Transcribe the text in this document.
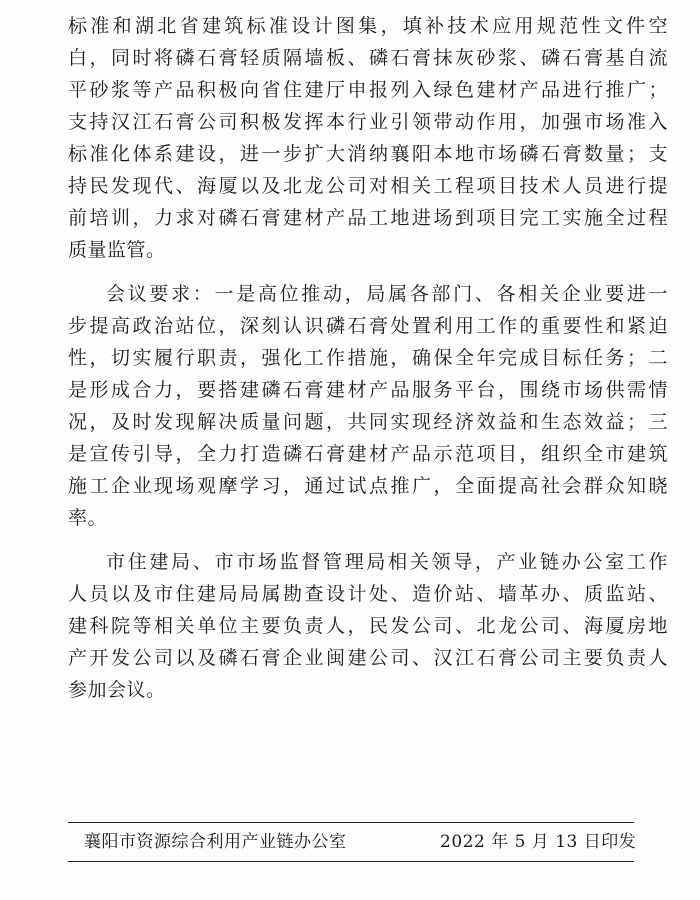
标准和湖北省建筑标准设计图集，填补技术应用规范性文件空
白，同时将磷石膏轻质隔墙板、磷石膏抹灰砂浆、磷石膏基自流
平砂浆等产品积极向省住建厅申报列入绿色建材产品进行推广；
支持汉江石膏公司积极发挥本行业引领带动作用，加强市场准入
标准化体系建设，进一步扩大消纳襄阳本地市场磷石膏数量；支
持民发现代、海厦以及北龙公司对相关工程项目技术人员进行提
前培训，力求对磷石膏建材产品工地进场到项目完工实施全过程
质量监管。
会议要求：一是高位推动，局属各部门、各相关企业要进一
步提高政治站位，深刻认识磷石膏处置利用工作的重要性和紧迫
性，切实履行职责，强化工作措施，确保全年完成目标任务；二
是形成合力，要搭建磷石膏建材产品服务平台，围绕市场供需情
况，及时发现解决质量问题，共同实现经济效益和生态效益；三
是宣传引导，全力打造磷石膏建材产品示范项目，组织全市建筑
施工企业现场观摩学习，通过试点推广，全面提高社会群众知晓
率。
市住建局、市市场监督管理局相关领导，产业链办公室工作
人员以及市住建局局属勘查设计处、造价站、墙革办、质监站、
建科院等相关单位主要负责人，民发公司、北龙公司、海厦房地
产开发公司以及磷石膏企业闽建公司、汉江石膏公司主要负责人
参加会议。
襄阳市资源综合利用产业链办公室	2022 年 5 月 13 日印发
